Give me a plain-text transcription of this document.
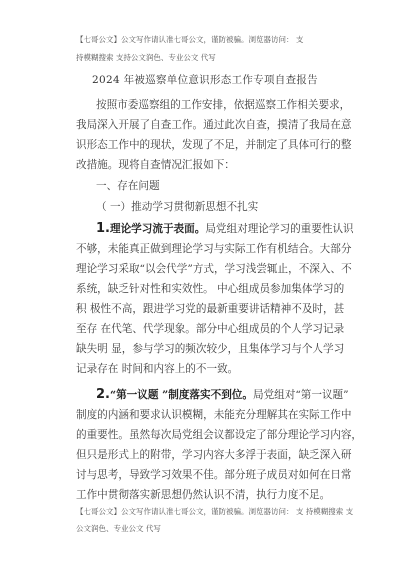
【七哥公文】公文写作请认准七哥公文，谨防被骗。浏览器访问： 支
持模糊搜索 支持公文润色、专业公文 代写
2024 年被巡察单位意识形态工作专项自查报告
按照市委巡察组的工作安排，依据巡察工作相关要求，
我局深入开展了自查工作。通过此次自查，摸清了我局在意
识形态工作中的现状，发现了不足，并制定了具体可行的整
改措施。现将自查情况汇报如下：
一、存在问题
（ 一）推动学习贯彻新思想不扎实
1.理论学习流于表面。局党组对理论学习的重要性认识
不够，未能真正做到理论学习与实际工作有机结合。大部分
理论学习采取“以会代学”方式，学习浅尝辄止，不深入、不
系统，缺乏针对性和实效性。 中心组成员参加集体学习的
积 极性不高，跟进学习党的最新重要讲话精神不及时，甚
至存 在代笔、代学现象。部分中心组成员的个人学习记录
缺失明 显，参与学习的频次较少，且集体学习与个人学习
记录存在 时间和内容上的不一致。
2.“第一议题 ”制度落实不到位。局党组对“第一议题”
制度的内涵和要求认识模糊，未能充分理解其在实际工作中
的重要性。虽然每次局党组会议都设定了部分理论学习内容，
但只是形式上的附带，学习内容大多浮于表面，缺乏深入研
讨与思考，导致学习效果不佳。部分班子成员对如何在日常
工作中贯彻落实新思想仍然认识不清，执行力度不足。
【七哥公文】公文写作请认准七哥公文，谨防被骗。浏览器访问： 支 持模糊搜索 支
公文润色、专业公文 代写
